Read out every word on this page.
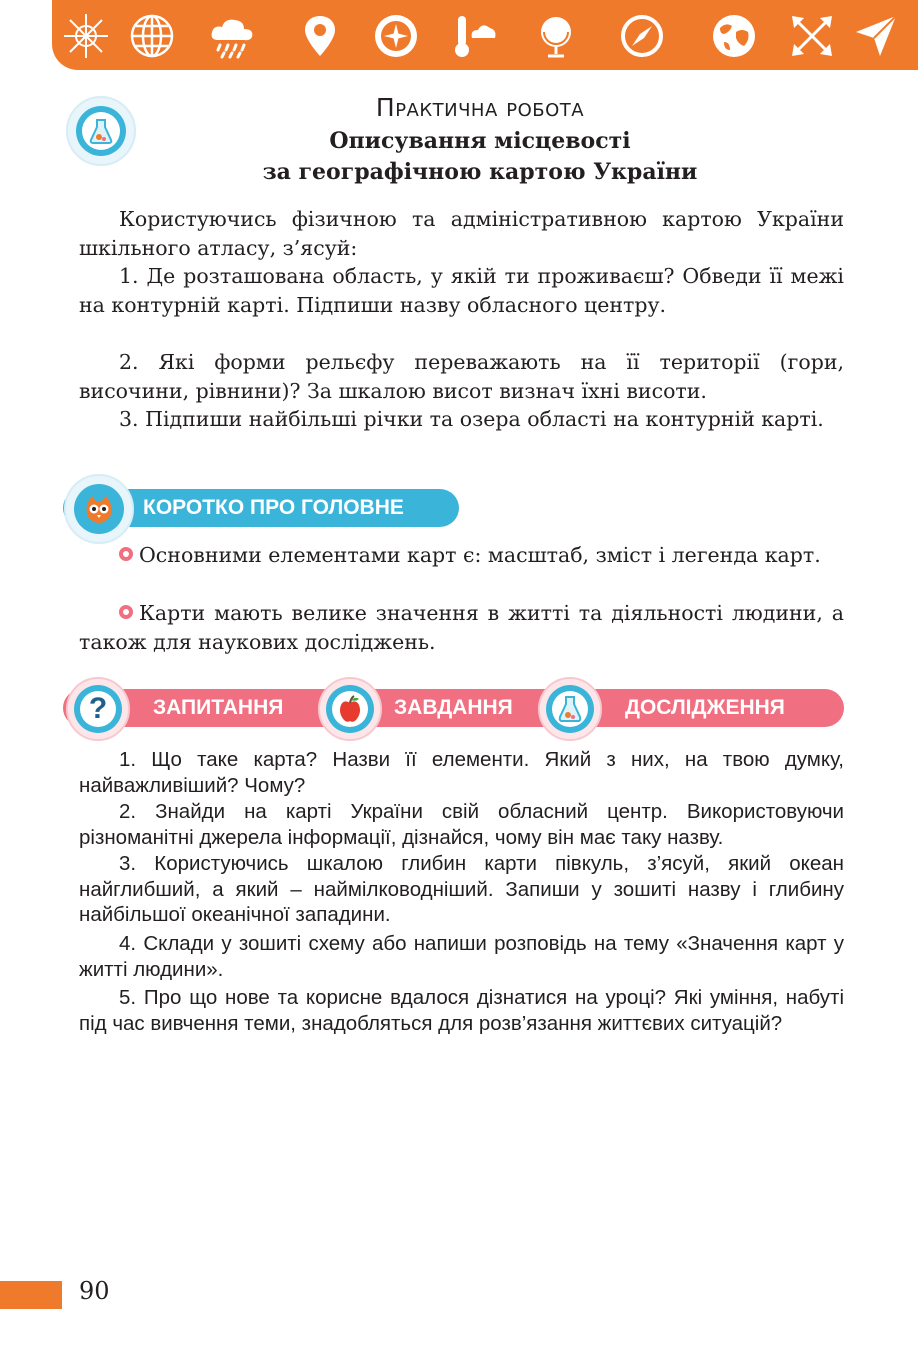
Практична робота
Описування місцевості
за географічною картою України
Користуючись фізичною та адміністративною картою України шкільного атласу, з’ясуй:
1. Де розташована область, у якій ти проживаєш? Обведи її межі на контурній карті. Підпиши назву обласного центру.
2. Які форми рельєфу переважають на її території (гори, височини, рівнини)? За шкалою висот визнач їхні висоти.
3. Підпиши найбільші річки та озера області на контурній карті.
КОРОТКО ПРО ГОЛОВНЕ
Основними елементами карт є: масштаб, зміст і легенда карт.
Карти мають велике значення в житті та діяльності людини, а також для наукових досліджень.
ЗАПИТАННЯ	ЗАВДАННЯ	ДОСЛІДЖЕННЯ
?
1. Що таке карта? Назви її елементи. Який з них, на твою думку, найважливіший? Чому?
2. Знайди на карті України свій обласний центр. Використовуючи різноманітні джерела інформації, дізнайся, чому він має таку назву.
3. Користуючись шкалою глибин карти півкуль, з’ясуй, який океан найглибший, а який – наймілководніший. Запиши у зошиті назву і глибину найбільшої океанічної западини.
4. Склади у зошиті схему або напиши розповідь на тему «Значення карт у житті людини».
5. Про що нове та корисне вдалося дізнатися на уроці? Які уміння, набуті під час вивчення теми, знадобляться для розв’язання життєвих ситуацій?
90
